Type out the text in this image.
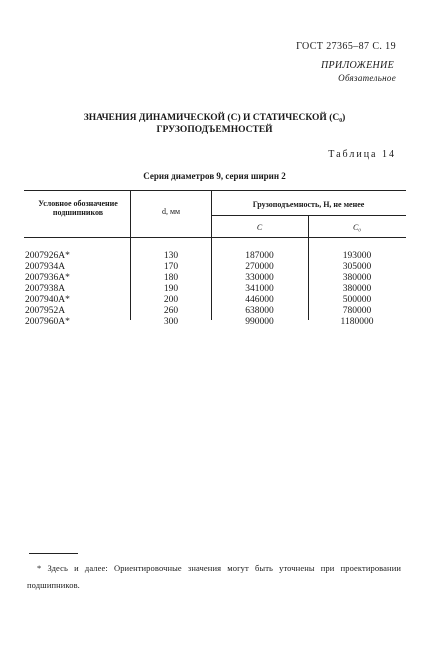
ГОСТ 27365–87 С. 19
ПРИЛОЖЕНИЕ
Обязательное
ЗНАЧЕНИЯ ДИНАМИЧЕСКОЙ (C) И СТАТИЧЕСКОЙ (C₀)
ГРУЗОПОДЪЕМНОСТЕЙ
Таблица 14
Серия диаметров 9, серия ширин 2
Условное обозначение подшипников	d, мм
Грузоподъемность, Н, не менее
C	C₀
2007926А*	130	187000	193000
2007934А	170	270000	305000
2007936А*	180	330000	380000
2007938А	190	341000	380000
2007940А*	200	446000	500000
2007952А	260	638000	780000
2007960А*	300	990000	1180000
* Здесь и далее: Ориентировочные значения могут быть уточнены при проектировании подшипников.
